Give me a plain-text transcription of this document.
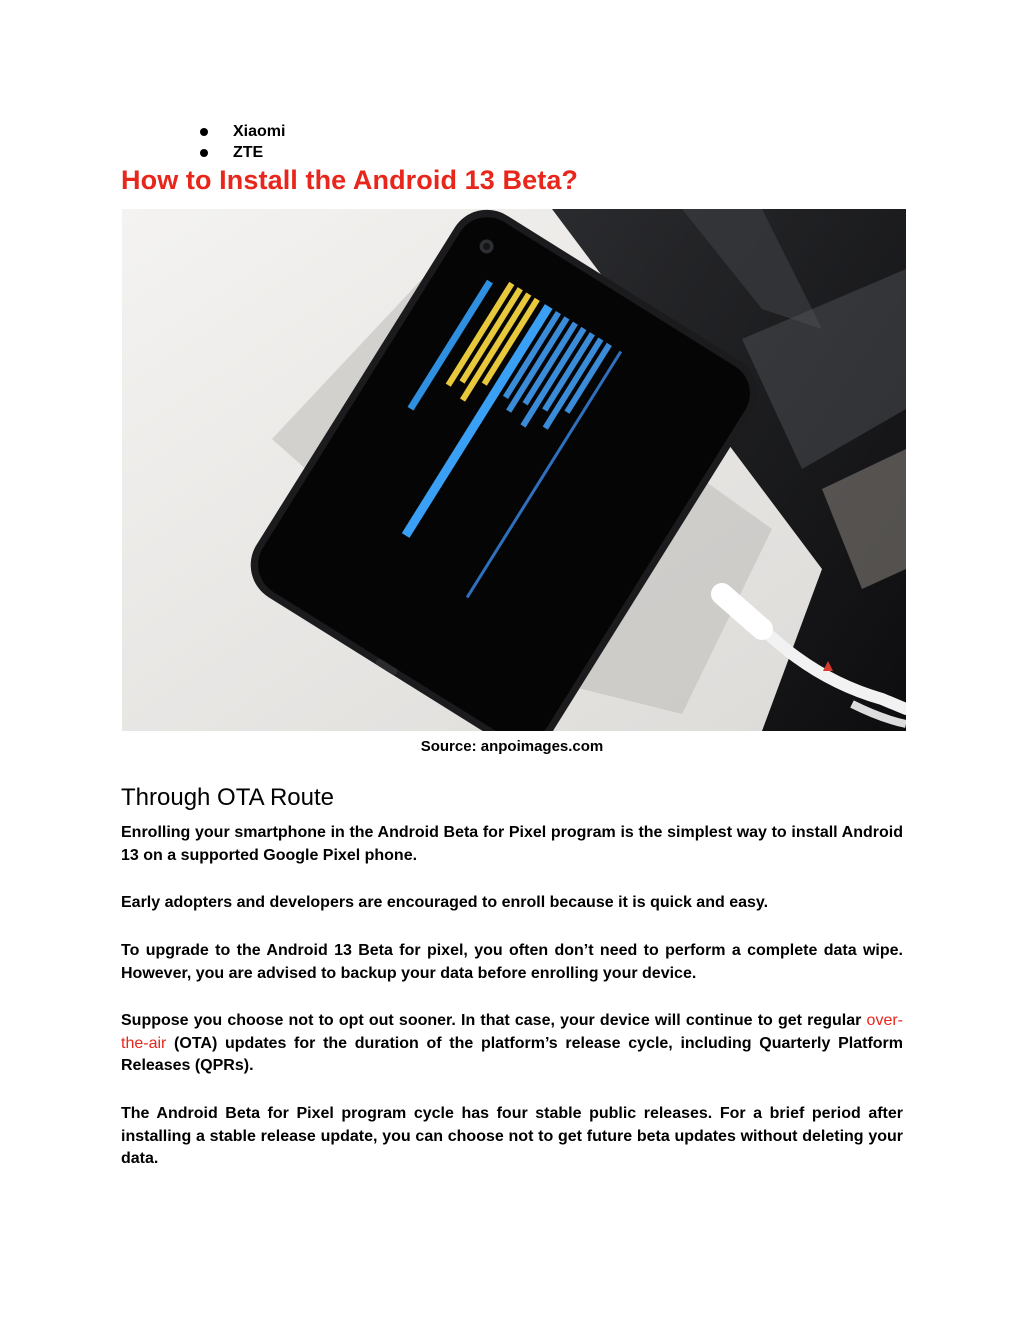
Xiaomi
ZTE
How to Install the Android 13 Beta?
Source: anpoimages.com
Through OTA Route

Enrolling your smartphone in the Android Beta for Pixel program is the simplest way to install Android 13 on a supported Google Pixel phone.

Early adopters and developers are encouraged to enroll because it is quick and easy.

To upgrade to the Android 13 Beta for pixel, you often don’t need to perform a complete data wipe. However, you are advised to backup your data before enrolling your device.

Suppose you choose not to opt out sooner. In that case, your device will continue to get regular over-the-air (OTA) updates for the duration of the platform’s release cycle, including Quarterly Platform Releases (QPRs).

The Android Beta for Pixel program cycle has four stable public releases. For a brief period after installing a stable release update, you can choose not to get future beta updates without deleting your data.
